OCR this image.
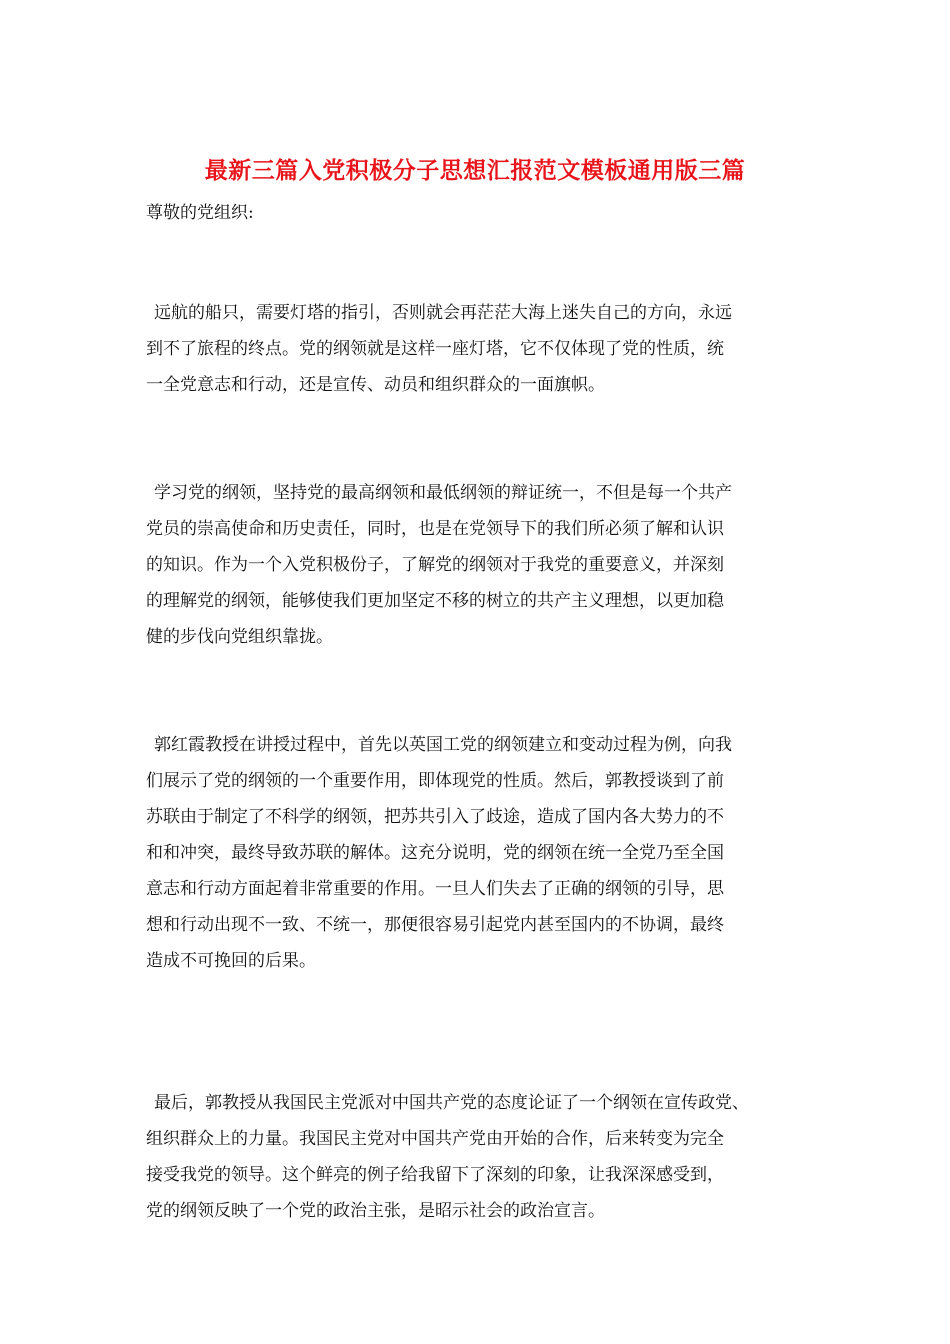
最新三篇入党积极分子思想汇报范文模板通用版三篇
尊敬的党组织:
远航的船只，需要灯塔的指引，否则就会再茫茫大海上迷失自己的方向，永远
到不了旅程的终点。党的纲领就是这样一座灯塔，它不仅体现了党的性质，统
一全党意志和行动，还是宣传、动员和组织群众的一面旗帜。
学习党的纲领，坚持党的最高纲领和最低纲领的辩证统一，不但是每一个共产
党员的崇高使命和历史责任，同时，也是在党领导下的我们所必须了解和认识
的知识。作为一个入党积极份子，了解党的纲领对于我党的重要意义，并深刻
的理解党的纲领，能够使我们更加坚定不移的树立的共产主义理想，以更加稳
健的步伐向党组织靠拢。
郭红霞教授在讲授过程中，首先以英国工党的纲领建立和变动过程为例，向我
们展示了党的纲领的一个重要作用，即体现党的性质。然后，郭教授谈到了前
苏联由于制定了不科学的纲领，把苏共引入了歧途，造成了国内各大势力的不
和和冲突，最终导致苏联的解体。这充分说明，党的纲领在统一全党乃至全国
意志和行动方面起着非常重要的作用。一旦人们失去了正确的纲领的引导，思
想和行动出现不一致、不统一，那便很容易引起党内甚至国内的不协调，最终
造成不可挽回的后果。
最后，郭教授从我国民主党派对中国共产党的态度论证了一个纲领在宣传政党、
组织群众上的力量。我国民主党对中国共产党由开始的合作，后来转变为完全
接受我党的领导。这个鲜亮的例子给我留下了深刻的印象，让我深深感受到，
党的纲领反映了一个党的政治主张，是昭示社会的政治宣言。
